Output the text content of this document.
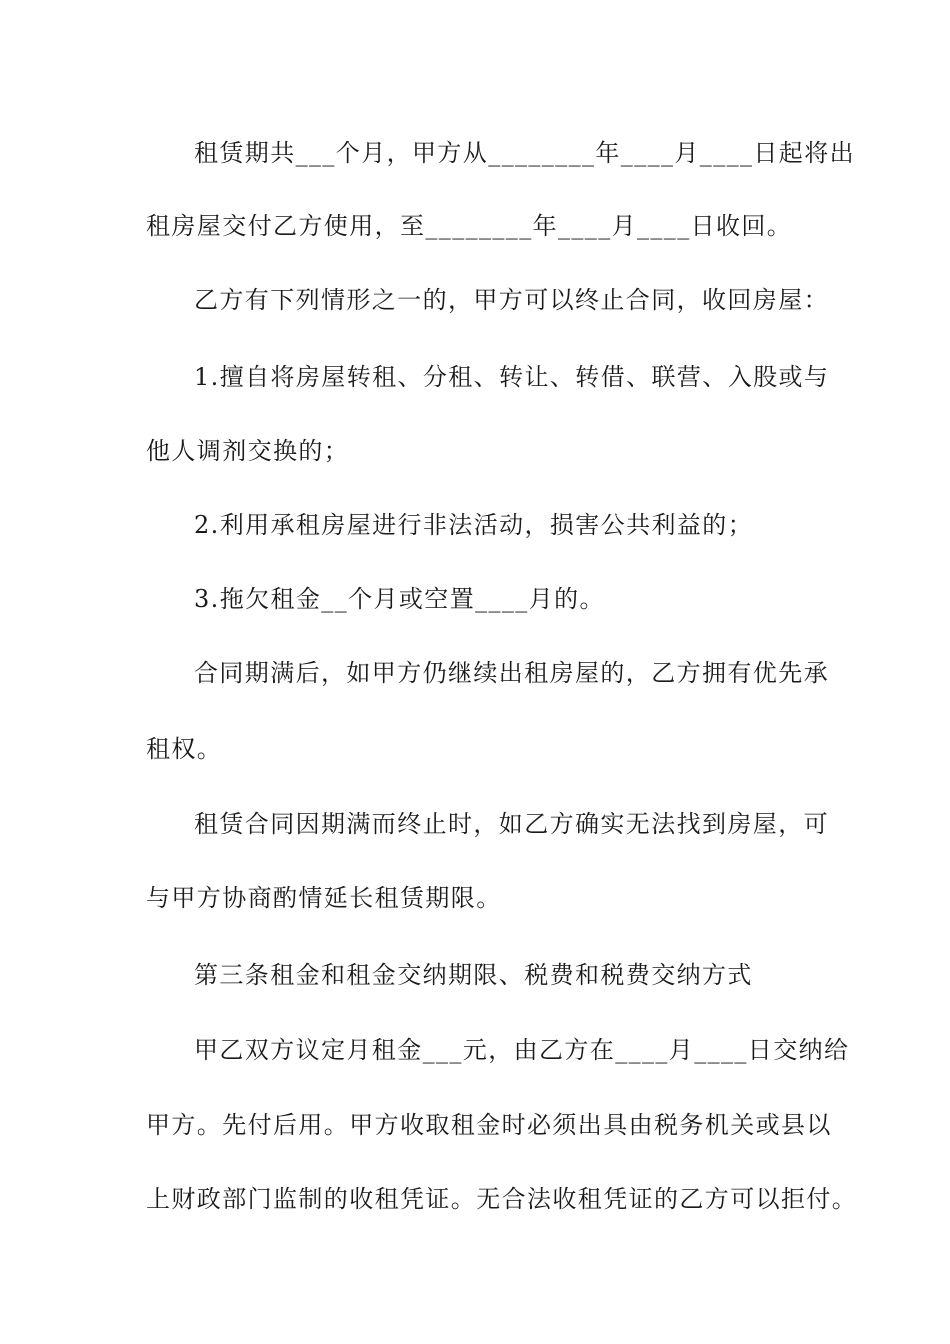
租赁期共___个月，甲方从________年____月____日起将出
租房屋交付乙方使用，至________年____月____日收回。
乙方有下列情形之一的，甲方可以终止合同，收回房屋：
1.擅自将房屋转租、分租、转让、转借、联营、入股或与
他人调剂交换的；
2.利用承租房屋进行非法活动，损害公共利益的；
3.拖欠租金__个月或空置____月的。
合同期满后，如甲方仍继续出租房屋的，乙方拥有优先承
租权。
租赁合同因期满而终止时，如乙方确实无法找到房屋，可
与甲方协商酌情延长租赁期限。
第三条租金和租金交纳期限、税费和税费交纳方式
甲乙双方议定月租金___元，由乙方在____月____日交纳给
甲方。先付后用。甲方收取租金时必须出具由税务机关或县以
上财政部门监制的收租凭证。无合法收租凭证的乙方可以拒付。
